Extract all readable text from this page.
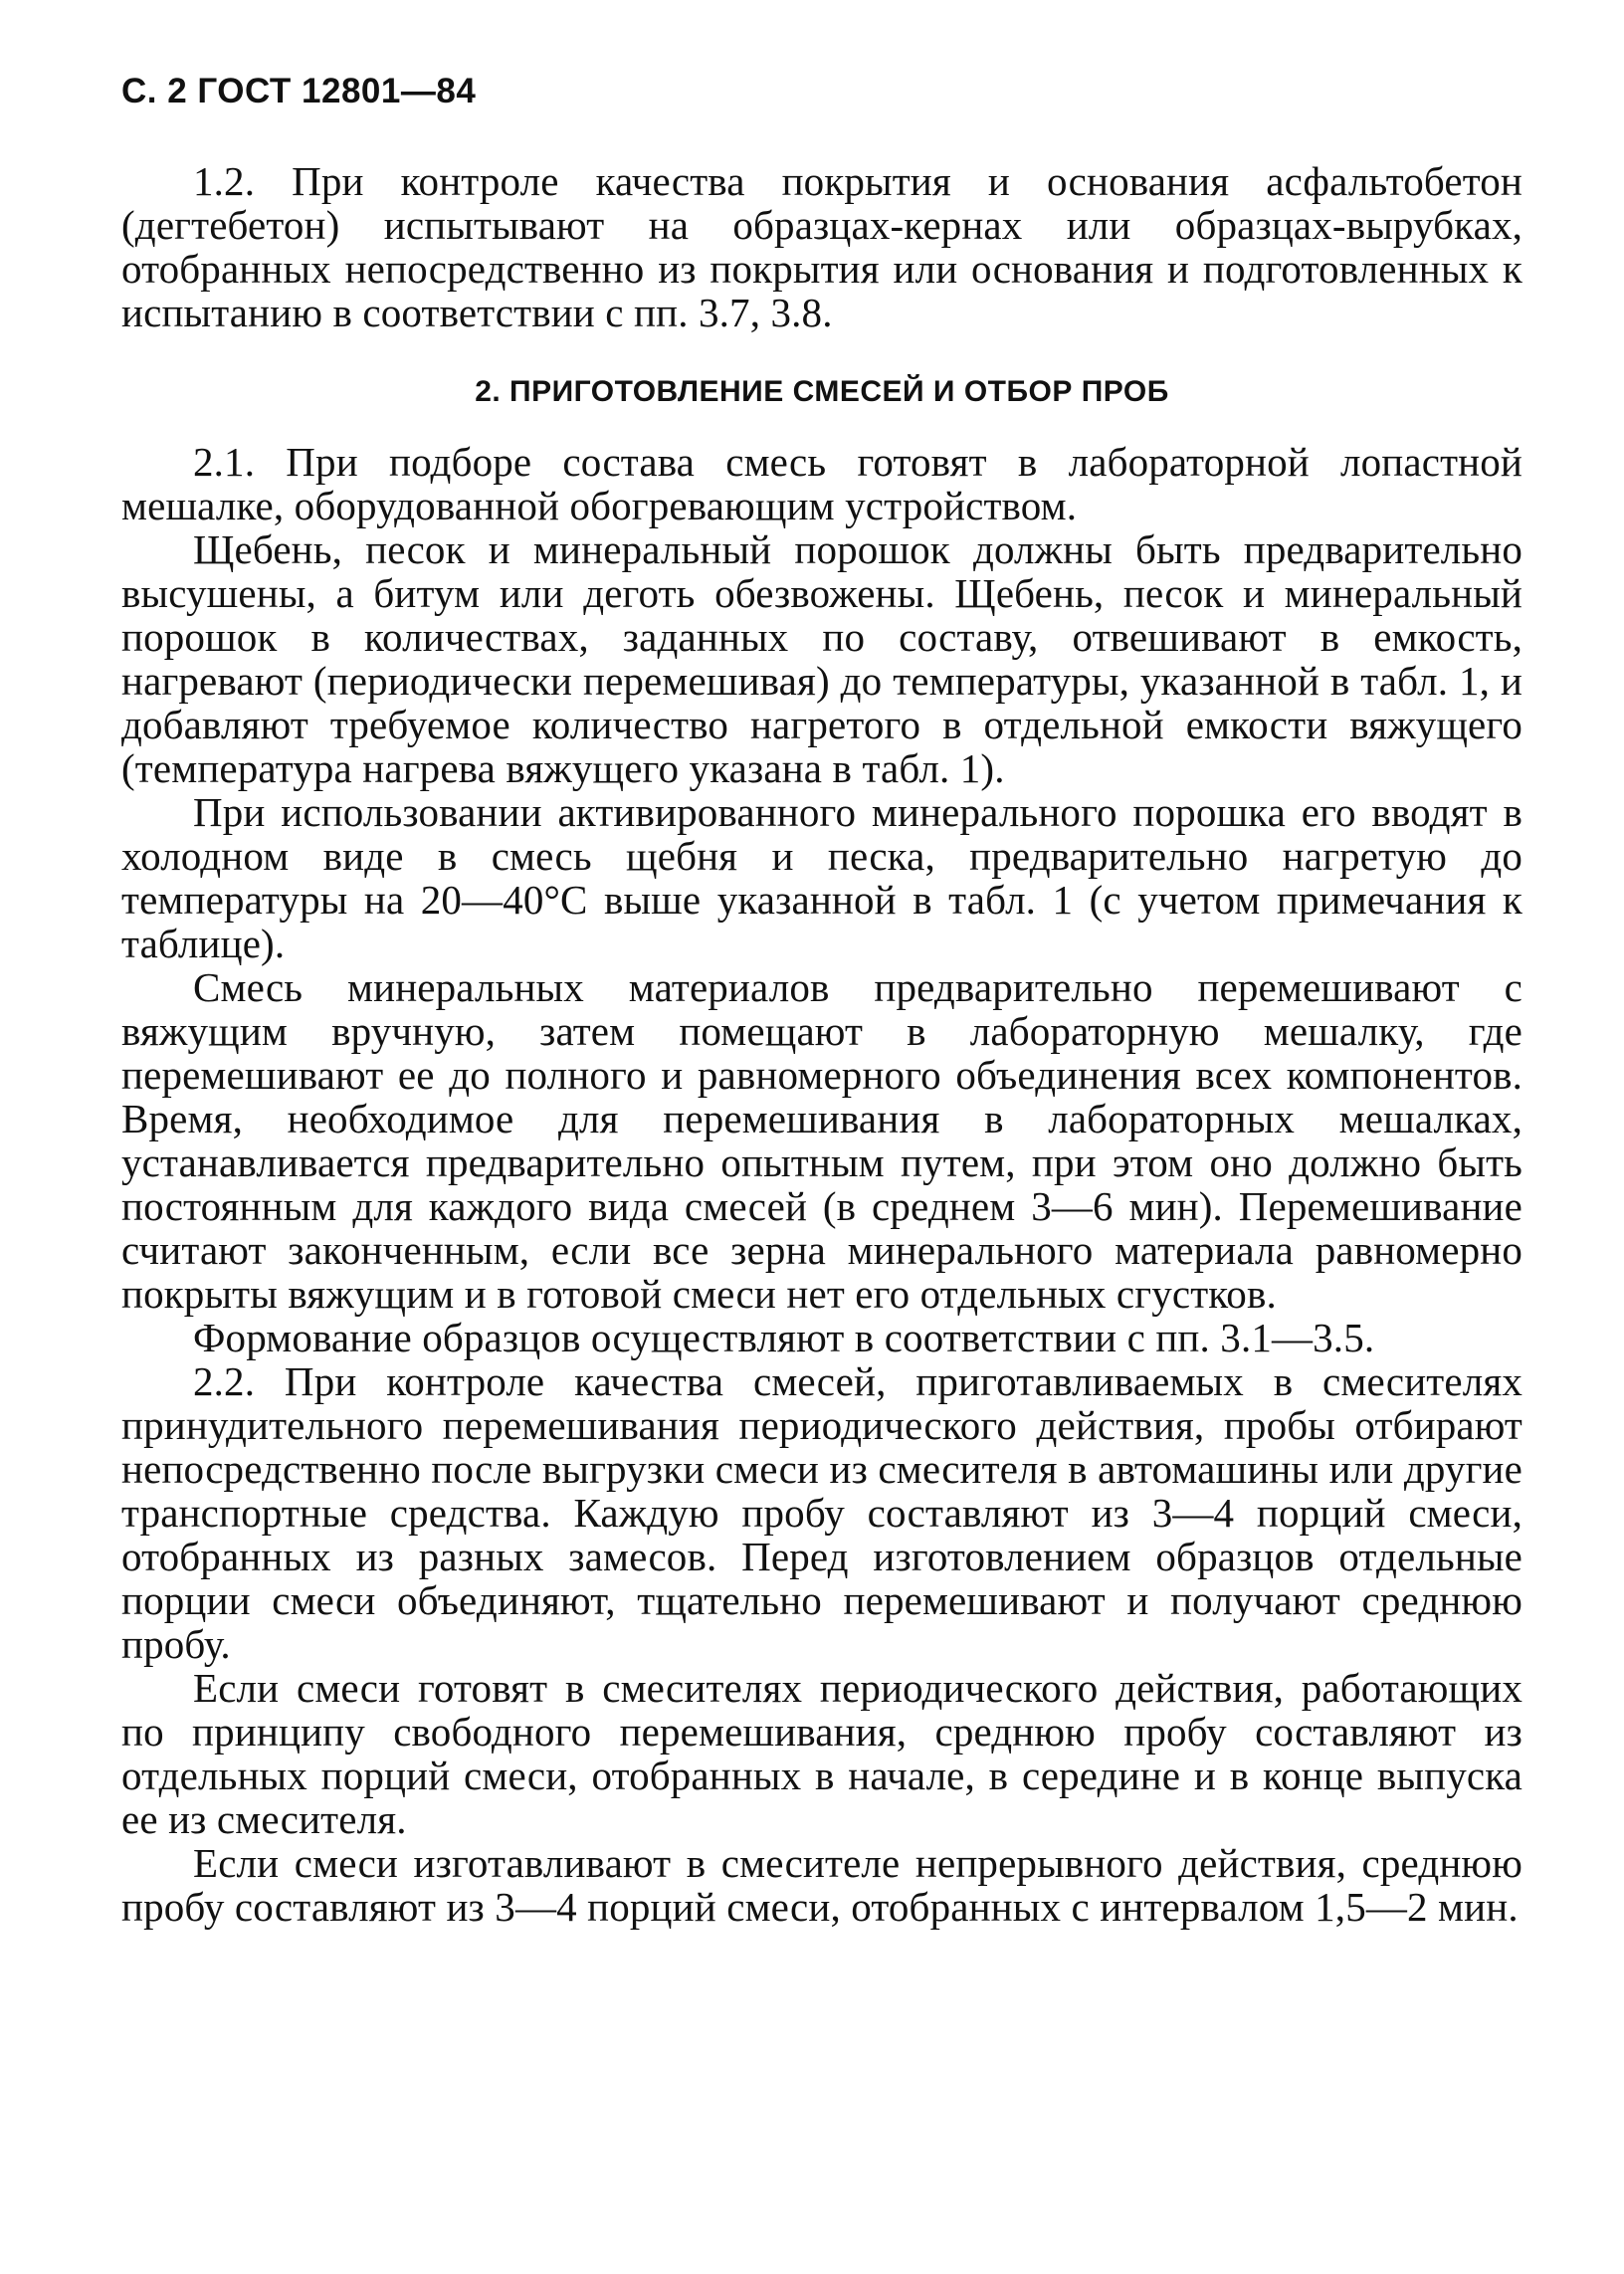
С. 2 ГОСТ 12801—84

1.2. При контроле качества покрытия и основания асфальтобетон (дегтебетон) испытывают на образцах-кернах или образцах-вырубках, отобранных непосредственно из покрытия или основания и подготовленных к испытанию в соответствии с пп. 3.7, 3.8.

2. ПРИГОТОВЛЕНИЕ СМЕСЕЙ И ОТБОР ПРОБ

2.1. При подборе состава смесь готовят в лабораторной лопастной мешалке, оборудованной обогревающим устройством.

Щебень, песок и минеральный порошок должны быть предварительно высушены, а битум или деготь обезвожены. Щебень, песок и минеральный порошок в количествах, заданных по составу, отвешивают в емкость, нагревают (периодически перемешивая) до температуры, указанной в табл. 1, и добавляют требуемое количество нагретого в отдельной емкости вяжущего (температура нагрева вяжущего указана в табл. 1).

При использовании активированного минерального порошка его вводят в холодном виде в смесь щебня и песка, предварительно нагретую до температуры на 20—40°С выше указанной в табл. 1 (с учетом примечания к таблице).

Смесь минеральных материалов предварительно перемешивают с вяжущим вручную, затем помещают в лабораторную мешалку, где перемешивают ее до полного и равномерного объединения всех компонентов. Время, необходимое для перемешивания в лабораторных мешалках, устанавливается предварительно опытным путем, при этом оно должно быть постоянным для каждого вида смесей (в среднем 3—6 мин). Перемешивание считают законченным, если все зерна минерального материала равномерно покрыты вяжущим и в готовой смеси нет его отдельных сгустков.

Формование образцов осуществляют в соответствии с пп. 3.1—3.5.

2.2. При контроле качества смесей, приготавливаемых в смесителях принудительного перемешивания периодического действия, пробы отбирают непосредственно после выгрузки смеси из смесителя в автомашины или другие транспортные средства. Каждую пробу составляют из 3—4 порций смеси, отобранных из разных замесов. Перед изготовлением образцов отдельные порции смеси объединяют, тщательно перемешивают и получают среднюю пробу.

Если смеси готовят в смесителях периодического действия, работающих по принципу свободного перемешивания, среднюю пробу составляют из отдельных порций смеси, отобранных в начале, в середине и в конце выпуска ее из смесителя.

Если смеси изготавливают в смесителе непрерывного действия, среднюю пробу составляют из 3—4 порций смеси, отобранных с интервалом 1,5—2 мин.
